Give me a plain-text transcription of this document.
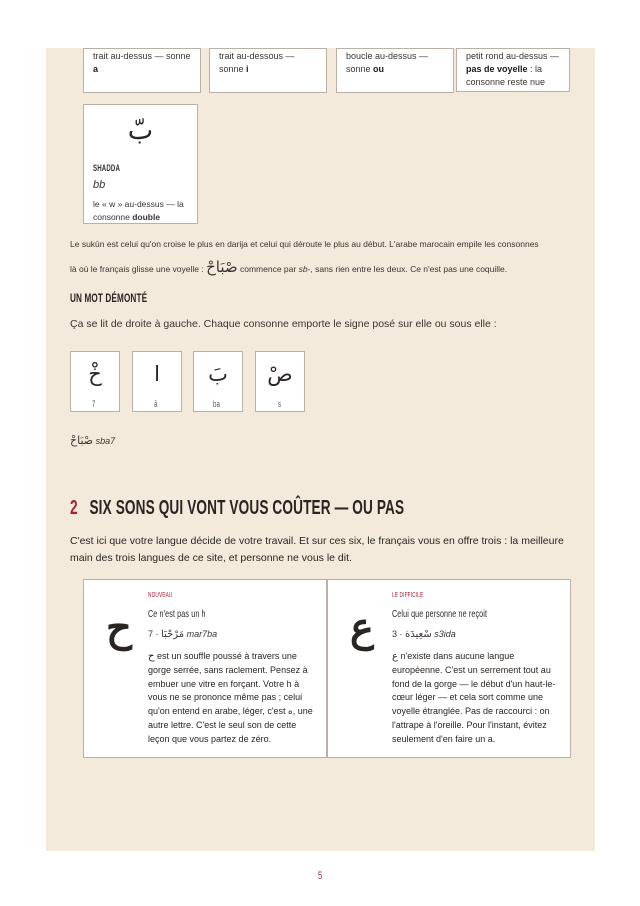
trait au-dessus — sonne a
trait au-dessous — sonne i
boucle au-dessus — sonne ou
petit rond au-dessus — pas de voyelle : la consonne reste nue
بّ
SHADDA
bb
le « w » au-dessus — la consonne double
Le sukūn est celui qu'on croise le plus en darija et celui qui déroute le plus au début. L'arabe marocain empile les consonnes
là où le français glisse une voyelle : صْبَاحْ commence par sb-, sans rien entre les deux. Ce n'est pas une coquille.
UN MOT DÉMONTÉ
Ça se lit de droite à gauche. Chaque consonne emporte le signe posé sur elle ou sous elle :
خْ
7
ا
ā
بَ
ba
صْ
s
صْبَاحْ sba7
2 SIX SONS QUI VONT VOUS COÛTER — OU PAS
C'est ici que votre langue décide de votre travail. Et sur ces six, le français vous en offre trois : la meilleure main des trois langues de ce site, et personne ne vous le dit.
ح
NOUVEAU
Ce n'est pas un h
7 · مَرْحْبَا mar7ba
ح est un souffle poussé à travers une gorge serrée, sans raclement. Pensez à embuer une vitre en forçant. Votre h à vous ne se prononce même pas ; celui qu'on entend en arabe, léger, c'est ه, une autre lettre. C'est le seul son de cette leçon que vous partez de zéro.
ع
LE DIFFICILE
Celui que personne ne reçoit
3 · سْعِيدَة s3ida
ع n'existe dans aucune langue européenne. C'est un serrement tout au fond de la gorge — le début d'un haut-le-cœur léger — et cela sort comme une voyelle étranglée. Pas de raccourci : on l'attrape à l'oreille. Pour l'instant, évitez seulement d'en faire un a.
5
